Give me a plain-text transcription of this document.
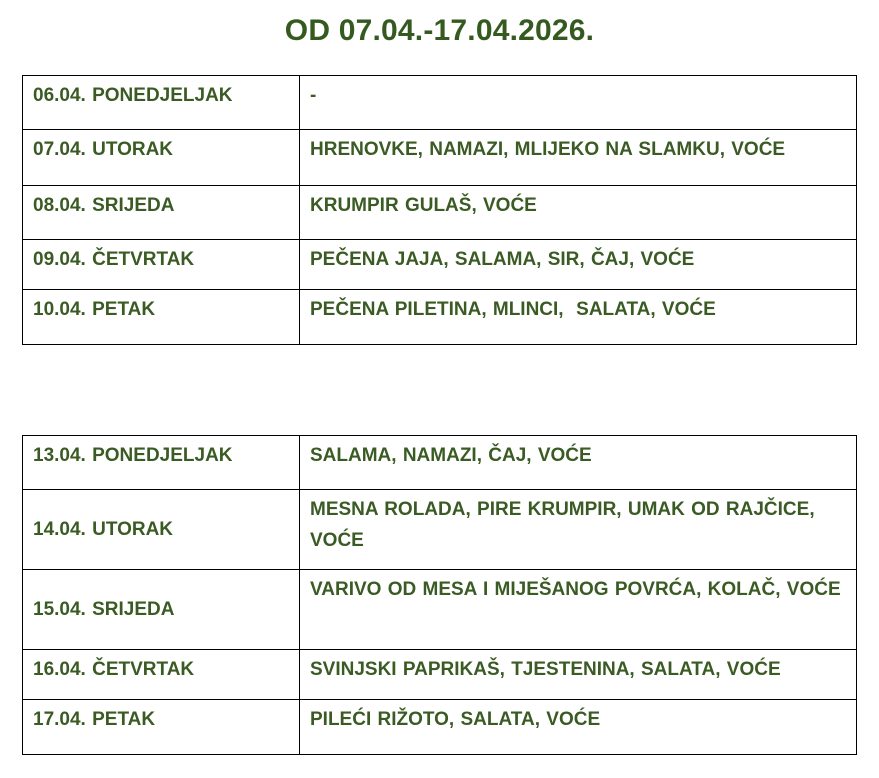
OD 07.04.-17.04.2026.
06.04. PONEDJELJAK	-
07.04. UTORAK	HRENOVKE, NAMAZI, MLIJEKO NA SLAMKU, VOĆE
08.04. SRIJEDA	KRUMPIR GULAŠ, VOĆE
09.04. ČETVRTAK	PEČENA JAJA, SALAMA, SIR, ČAJ, VOĆE
10.04. PETAK	PEČENA PILETINA, MLINCI,  SALATA, VOĆE
13.04. PONEDJELJAK	SALAMA, NAMAZI, ČAJ, VOĆE
14.04. UTORAK	MESNA ROLADA, PIRE KRUMPIR, UMAK OD RAJČICE, VOĆE
15.04. SRIJEDA	VARIVO OD MESA I MIJEŠANOG POVRĆA, KOLAČ, VOĆE
16.04. ČETVRTAK	SVINJSKI PAPRIKAŠ, TJESTENINA, SALATA, VOĆE
17.04. PETAK	PILEĆI RIŽOTO, SALATA, VOĆE
